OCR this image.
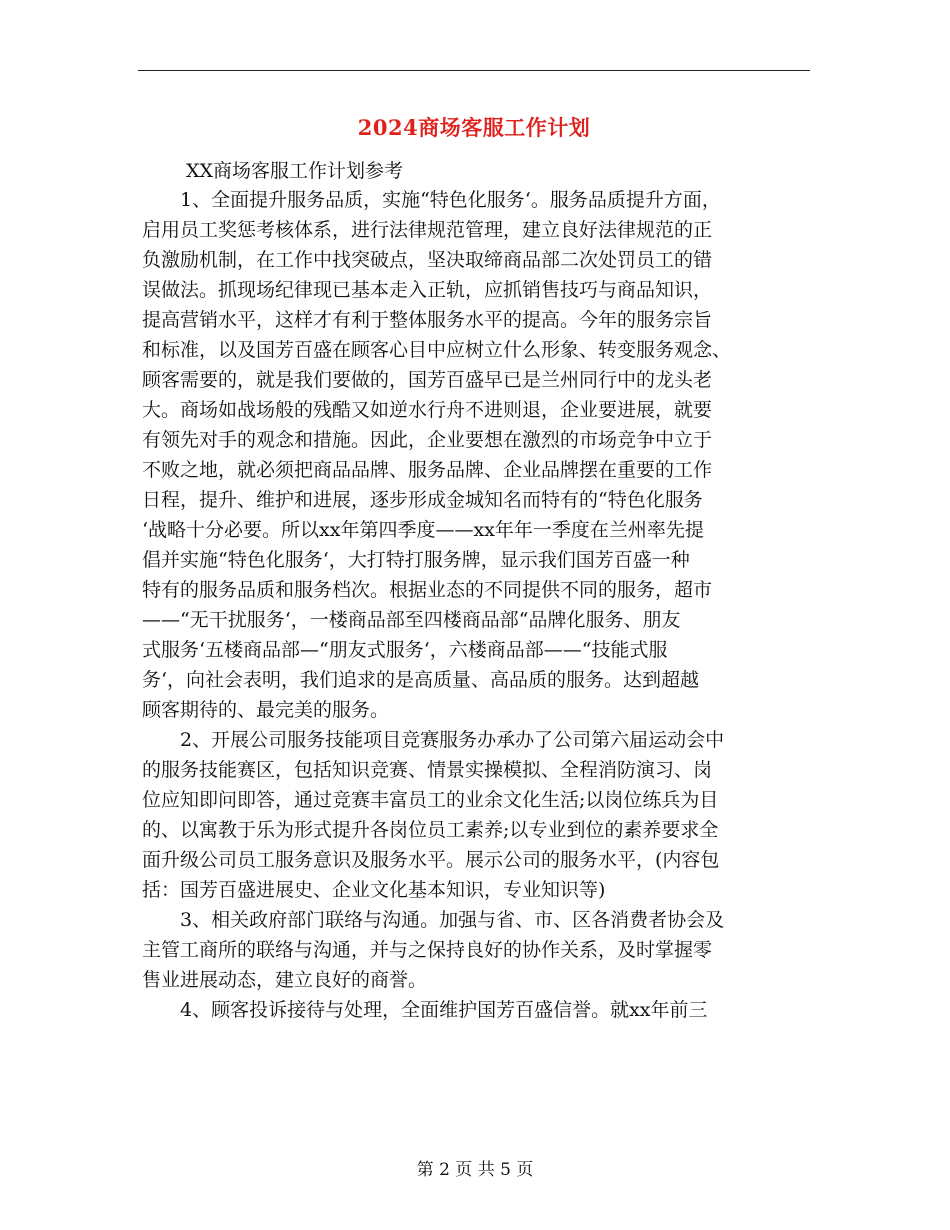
2024商场客服工作计划
XX商场客服工作计划参考
　　1、全面提升服务品质，实施“特色化服务‘。服务品质提升方面，
启用员工奖惩考核体系，进行法律规范管理，建立良好法律规范的正
负激励机制，在工作中找突破点，坚决取缔商品部二次处罚员工的错
误做法。抓现场纪律现已基本走入正轨，应抓销售技巧与商品知识，
提高营销水平，这样才有利于整体服务水平的提高。今年的服务宗旨
和标准，以及国芳百盛在顾客心目中应树立什么形象、转变服务观念、
顾客需要的，就是我们要做的，国芳百盛早已是兰州同行中的龙头老
大。商场如战场般的残酷又如逆水行舟不进则退，企业要进展，就要
有领先对手的观念和措施。因此，企业要想在激烈的市场竞争中立于
不败之地，就必须把商品品牌、服务品牌、企业品牌摆在重要的工作
日程，提升、维护和进展，逐步形成金城知名而特有的“特色化服务
‘战略十分必要。所以xx年第四季度——xx年年一季度在兰州率先提
倡并实施“特色化服务‘，大打特打服务牌，显示我们国芳百盛一种
特有的服务品质和服务档次。根据业态的不同提供不同的服务，超市
——“无干扰服务‘，一楼商品部至四楼商品部“品牌化服务、朋友
式服务‘五楼商品部—“朋友式服务‘，六楼商品部——“技能式服
务‘，向社会表明，我们追求的是高质量、高品质的服务。达到超越
顾客期待的、最完美的服务。
　　2、开展公司服务技能项目竞赛服务办承办了公司第六届运动会中
的服务技能赛区，包括知识竞赛、情景实操模拟、全程消防演习、岗
位应知即问即答，通过竞赛丰富员工的业余文化生活;以岗位练兵为目
的、以寓教于乐为形式提升各岗位员工素养;以专业到位的素养要求全
面升级公司员工服务意识及服务水平。展示公司的服务水平，(内容包
括：国芳百盛进展史、企业文化基本知识，专业知识等)
　　3、相关政府部门联络与沟通。加强与省、市、区各消费者协会及
主管工商所的联络与沟通，并与之保持良好的协作关系，及时掌握零
售业进展动态，建立良好的商誉。
　　4、顾客投诉接待与处理，全面维护国芳百盛信誉。就xx年前三
第 2 页 共 5 页
